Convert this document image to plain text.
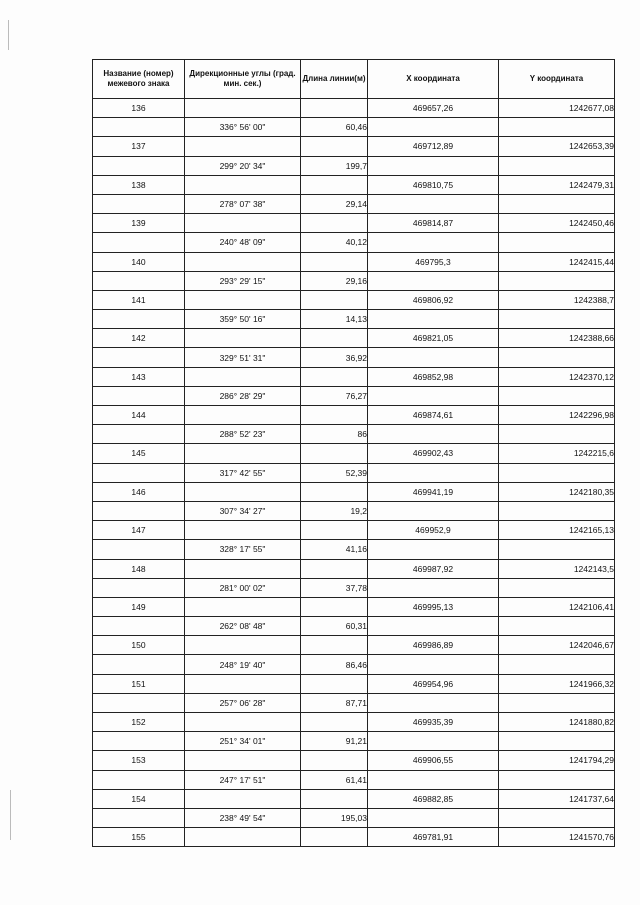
Название (номер) межевого знака	Дирекционные углы (град. мин. сек.)	Длина линии(м)	X координата	Y координата
136			469657,26	1242677,08
	336° 56' 00"	60,46		
137			469712,89	1242653,39
	299° 20' 34"	199,7		
138			469810,75	1242479,31
	278° 07' 38"	29,14		
139			469814,87	1242450,46
	240° 48' 09"	40,12		
140			469795,3	1242415,44
	293° 29' 15"	29,16		
141			469806,92	1242388,7
	359° 50' 16"	14,13		
142			469821,05	1242388,66
	329° 51' 31"	36,92		
143			469852,98	1242370,12
	286° 28' 29"	76,27		
144			469874,61	1242296,98
	288° 52' 23"	86		
145			469902,43	1242215,6
	317° 42' 55"	52,39		
146			469941,19	1242180,35
	307° 34' 27"	19,2		
147			469952,9	1242165,13
	328° 17' 55"	41,16		
148			469987,92	1242143,5
	281° 00' 02"	37,78		
149			469995,13	1242106,41
	262° 08' 48"	60,31		
150			469986,89	1242046,67
	248° 19' 40"	86,46		
151			469954,96	1241966,32
	257° 06' 28"	87,71		
152			469935,39	1241880,82
	251° 34' 01"	91,21		
153			469906,55	1241794,29
	247° 17' 51"	61,41		
154			469882,85	1241737,64
	238° 49' 54"	195,03		
155			469781,91	1241570,76
